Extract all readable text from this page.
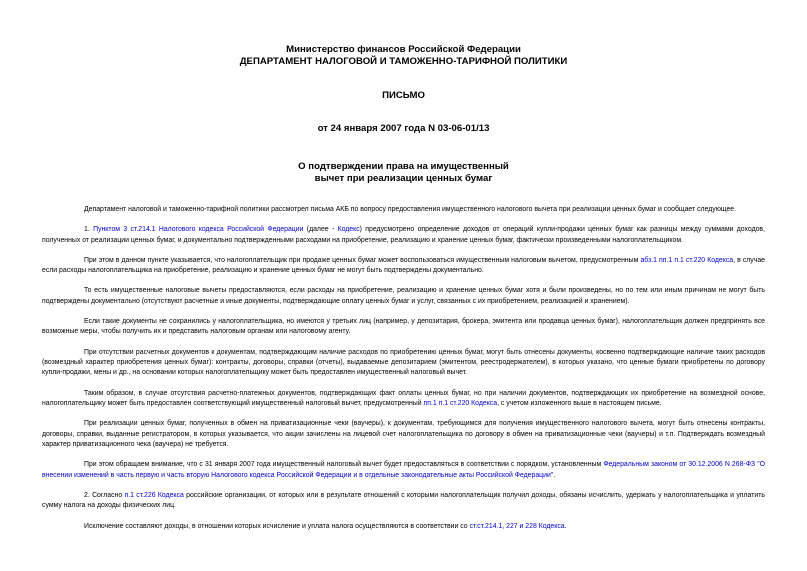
Министерство финансов Российской Федерации
ДЕПАРТАМЕНТ НАЛОГОВОЙ И ТАМОЖЕННО-ТАРИФНОЙ ПОЛИТИКИ
ПИСЬМО
от 24 января 2007 года N 03-06-01/13
О подтверждении права на имущественный
вычет при реализации ценных бумаг

Департамент налоговой и таможенно-тарифной политики рассмотрел письма АКБ по вопросу предоставления имущественного налогового вычета при реализации ценных бумаг и сообщает следующее.

1. Пунктом 3 ст.214.1 Налогового кодекса Российской Федерации (далее - Кодекс) предусмотрено определение доходов от операций купли-продажи ценных бумаг как разницы между суммами доходов, полученных от реализации ценных бумаг, и документально подтвержденными расходами на приобретение, реализацию и хранение ценных бумаг, фактически произведенными налогоплательщиком.

При этом в данном пункте указывается, что налогоплательщик при продаже ценных бумаг может воспользоваться имущественным налоговым вычетом, предусмотренным абз.1 пп.1 п.1 ст.220 Кодекса, в случае если расходы налогоплательщика на приобретение, реализацию и хранение ценных бумаг не могут быть подтверждены документально.

То есть имущественные налоговые вычеты предоставляются, если расходы на приобретение, реализацию и хранение ценных бумаг хотя и были произведены, но по тем или иным причинам не могут быть подтверждены документально (отсутствуют расчетные и иные документы, подтверждающие оплату ценных бумаг и услуг, связанных с их приобретением, реализацией и хранением).

Если такие документы не сохранились у налогоплательщика, но имеются у третьих лиц (например, у депозитария, брокера, эмитента или продавца ценных бумаг), налогоплательщик должен предпринять все возможные меры, чтобы получить их и представить налоговым органам или налоговому агенту.

При отсутствии расчетных документов к документам, подтверждающим наличие расходов по приобретению ценных бумаг, могут быть отнесены документы, косвенно подтверждающие наличие таких расходов (возмездный характер приобретения ценных бумаг): контракты, договоры, справки (отчеты), выдаваемые депозитарием (эмитентом, реестродержателем), в которых указано, что ценные бумаги приобретены по договору купли-продажи, мены и др., на основании которых налогоплательщику может быть предоставлен имущественный налоговый вычет.

Таким образом, в случае отсутствия расчетно-платежных документов, подтверждающих факт оплаты ценных бумаг, но при наличии документов, подтверждающих их приобретение на возмездной основе, налогоплательщику может быть предоставлен соответствующий имущественный налоговый вычет, предусмотренный пп.1 п.1 ст.220 Кодекса, с учетом изложенного выше в настоящем письме.

При реализации ценных бумаг, полученных в обмен на приватизационные чеки (ваучеры), к документам, требующимся для получения имущественного налогового вычета, могут быть отнесены контракты, договоры, справки, выданные регистратором, в которых указывается, что акции зачислены на лицевой счет налогоплательщика по договору в обмен на приватизационные чеки (ваучеры) и т.п. Подтверждать возмездный характер приватизационного чека (ваучера) не требуется.

При этом обращаем внимание, что с 31 января 2007 года имущественный налоговый вычет будет предоставляться в соответствии с порядком, установленным Федеральным законом от 30.12.2006 N 268-ФЗ "О внесении изменений в часть первую и часть вторую Налогового кодекса Российской Федерации и в отдельные законодательные акты Российской Федерации".

2. Согласно п.1 ст.226 Кодекса российские организации, от которых или в результате отношений с которыми налогоплательщик получил доходы, обязаны исчислить, удержать у налогоплательщика и уплатить сумму налога на доходы физических лиц.

Исключение составляют доходы, в отношении которых исчисление и уплата налога осуществляются в соответствии со ст.ст.214.1, 227 и 228 Кодекса.
